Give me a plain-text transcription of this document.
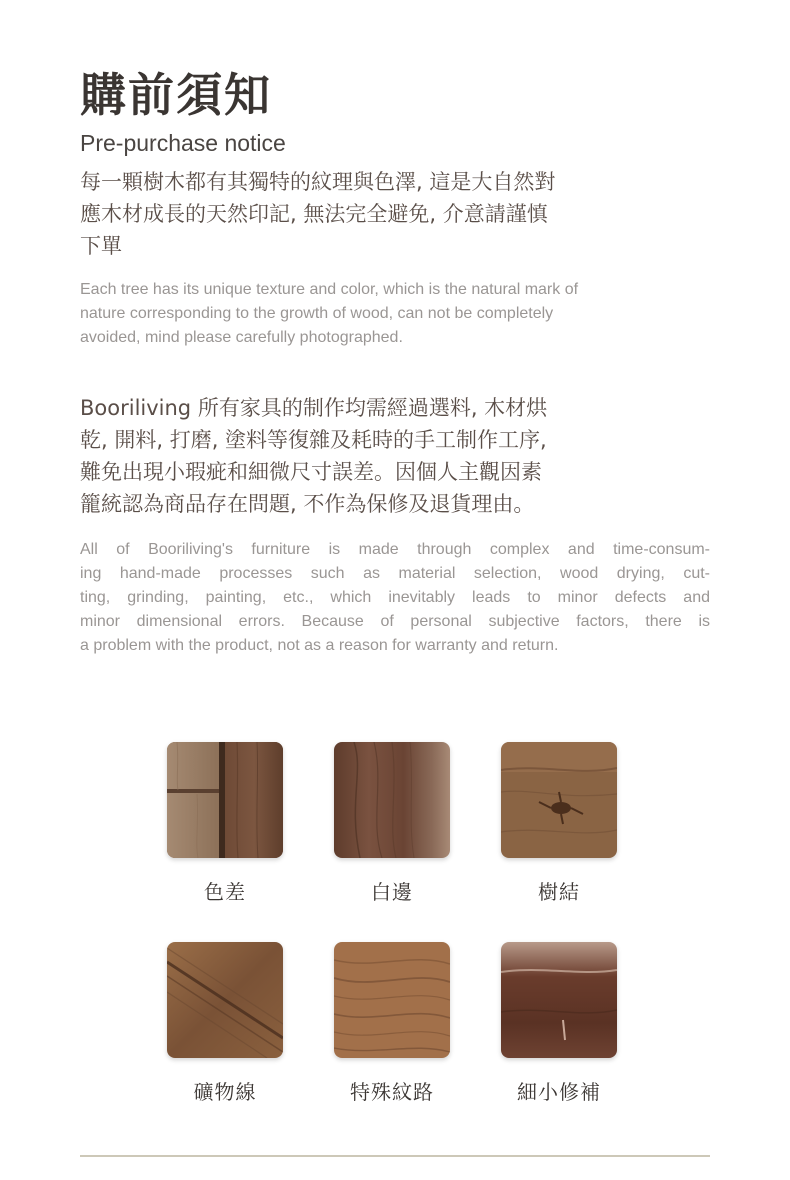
購前須知
Pre-purchase notice

每一顆樹木都有其獨特的紋理與色澤, 這是大自然對
應木材成長的天然印記, 無法完全避免, 介意請謹慎
下單

Each tree has its unique texture and color, which is the natural mark of
nature corresponding to the growth of wood, can not be completely
avoided, mind please carefully photographed.

Booriliving 所有家具的制作均需經過選料, 木材烘
乾, 開料, 打磨, 塗料等復雜及耗時的手工制作工序,
難免出現小瑕疵和細微尺寸誤差。因個人主觀因素
籠統認為商品存在問題, 不作為保修及退貨理由。

All of Booriliving's furniture is made through complex and time-consum-
ing hand-made processes such as material selection, wood drying, cut-
ting, grinding, painting, etc., which inevitably leads to minor defects and
minor dimensional errors. Because of personal subjective factors, there is
a problem with the product, not as a reason for warranty and return.

色差	白邊	樹結
礦物線	特殊紋路	細小修補
